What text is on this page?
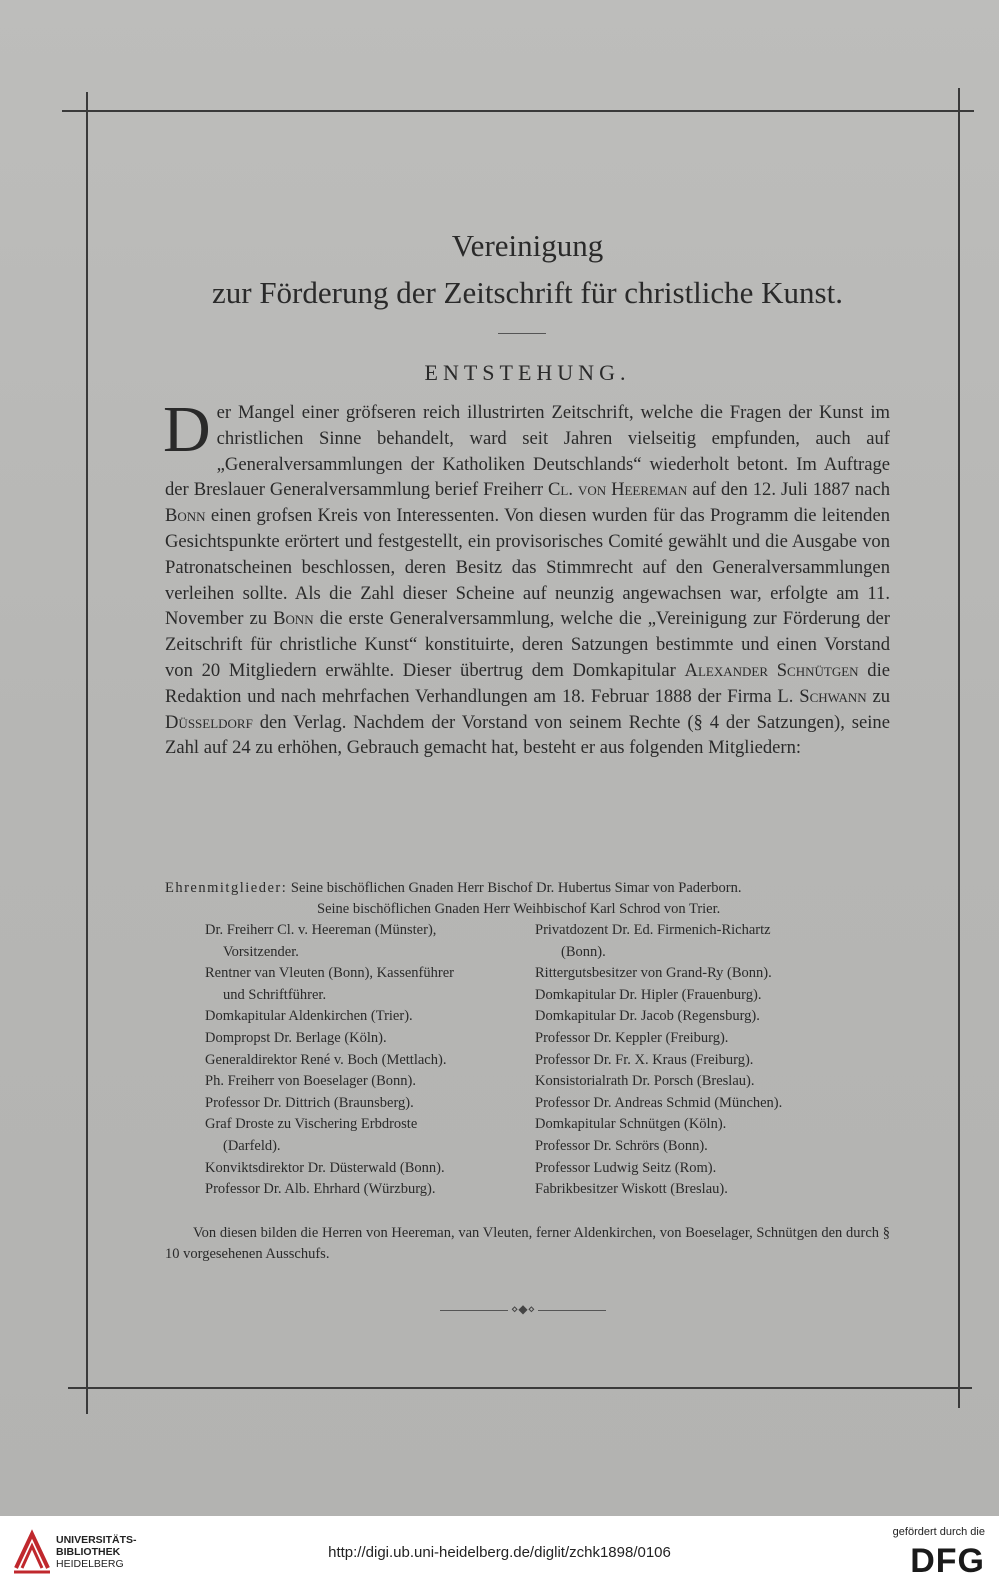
Vereinigung
zur Förderung der Zeitschrift für christliche Kunst.
ENTSTEHUNG.

Der Mangel einer gröfseren reich illustrirten Zeitschrift, welche die Fragen der Kunst im christlichen Sinne behandelt, ward seit Jahren vielseitig empfunden, auch auf „Generalversammlungen der Katholiken Deutschlands“ wiederholt betont. Im Auftrage der Breslauer Generalversammlung berief Freiherr Cl. von Heereman auf den 12. Juli 1887 nach Bonn einen grofsen Kreis von Interessenten. Von diesen wurden für das Programm die leitenden Gesichtspunkte erörtert und festgestellt, ein provisorisches Comité gewählt und die Ausgabe von Patronatscheinen beschlossen, deren Besitz das Stimmrecht auf den Generalversammlungen verleihen sollte. Als die Zahl dieser Scheine auf neunzig angewachsen war, erfolgte am 11. November zu Bonn die erste Generalversammlung, welche die „Vereinigung zur Förderung der Zeitschrift für christliche Kunst“ konstituirte, deren Satzungen bestimmte und einen Vorstand von 20 Mitgliedern erwählte. Dieser übertrug dem Domkapitular Alexander Schnütgen die Redaktion und nach mehrfachen Verhandlungen am 18. Februar 1888 der Firma L. Schwann zu Düsseldorf den Verlag. Nachdem der Vorstand von seinem Rechte (§ 4 der Satzungen), seine Zahl auf 24 zu erhöhen, Gebrauch gemacht hat, besteht er aus folgenden Mitgliedern:

Ehrenmitglieder: Seine bischöflichen Gnaden Herr Bischof Dr. Hubertus Simar von Paderborn.
Seine bischöflichen Gnaden Herr Weihbischof Karl Schrod von Trier.
Dr. Freiherr Cl. v. Heereman (Münster),
Vorsitzender.
Rentner van Vleuten (Bonn), Kassenführer
und Schriftführer.
Domkapitular Aldenkirchen (Trier).
Dompropst Dr. Berlage (Köln).
Generaldirektor René v. Boch (Mettlach).
Ph. Freiherr von Boeselager (Bonn).
Professor Dr. Dittrich (Braunsberg).
Graf Droste zu Vischering Erbdroste
(Darfeld).
Konviktsdirektor Dr. Düsterwald (Bonn).
Professor Dr. Alb. Ehrhard (Würzburg).
Privatdozent Dr. Ed. Firmenich-Richartz
(Bonn).
Rittergutsbesitzer von Grand-Ry (Bonn).
Domkapitular Dr. Hipler (Frauenburg).
Domkapitular Dr. Jacob (Regensburg).
Professor Dr. Keppler (Freiburg).
Professor Dr. Fr. X. Kraus (Freiburg).
Konsistorialrath Dr. Porsch (Breslau).
Professor Dr. Andreas Schmid (München).
Domkapitular Schnütgen (Köln).
Professor Dr. Schrörs (Bonn).
Professor Ludwig Seitz (Rom).
Fabrikbesitzer Wiskott (Breslau).

Von diesen bilden die Herren von Heereman, van Vleuten, ferner Aldenkirchen, von Boeselager, Schnütgen den durch § 10 vorgesehenen Ausschufs.

⋄◆⋄
UNIVERSITÄTS-
BIBLIOTHEK
HEIDELBERG
http://digi.ub.uni-heidelberg.de/diglit/zchk1898/0106
gefördert durch die
DFG
